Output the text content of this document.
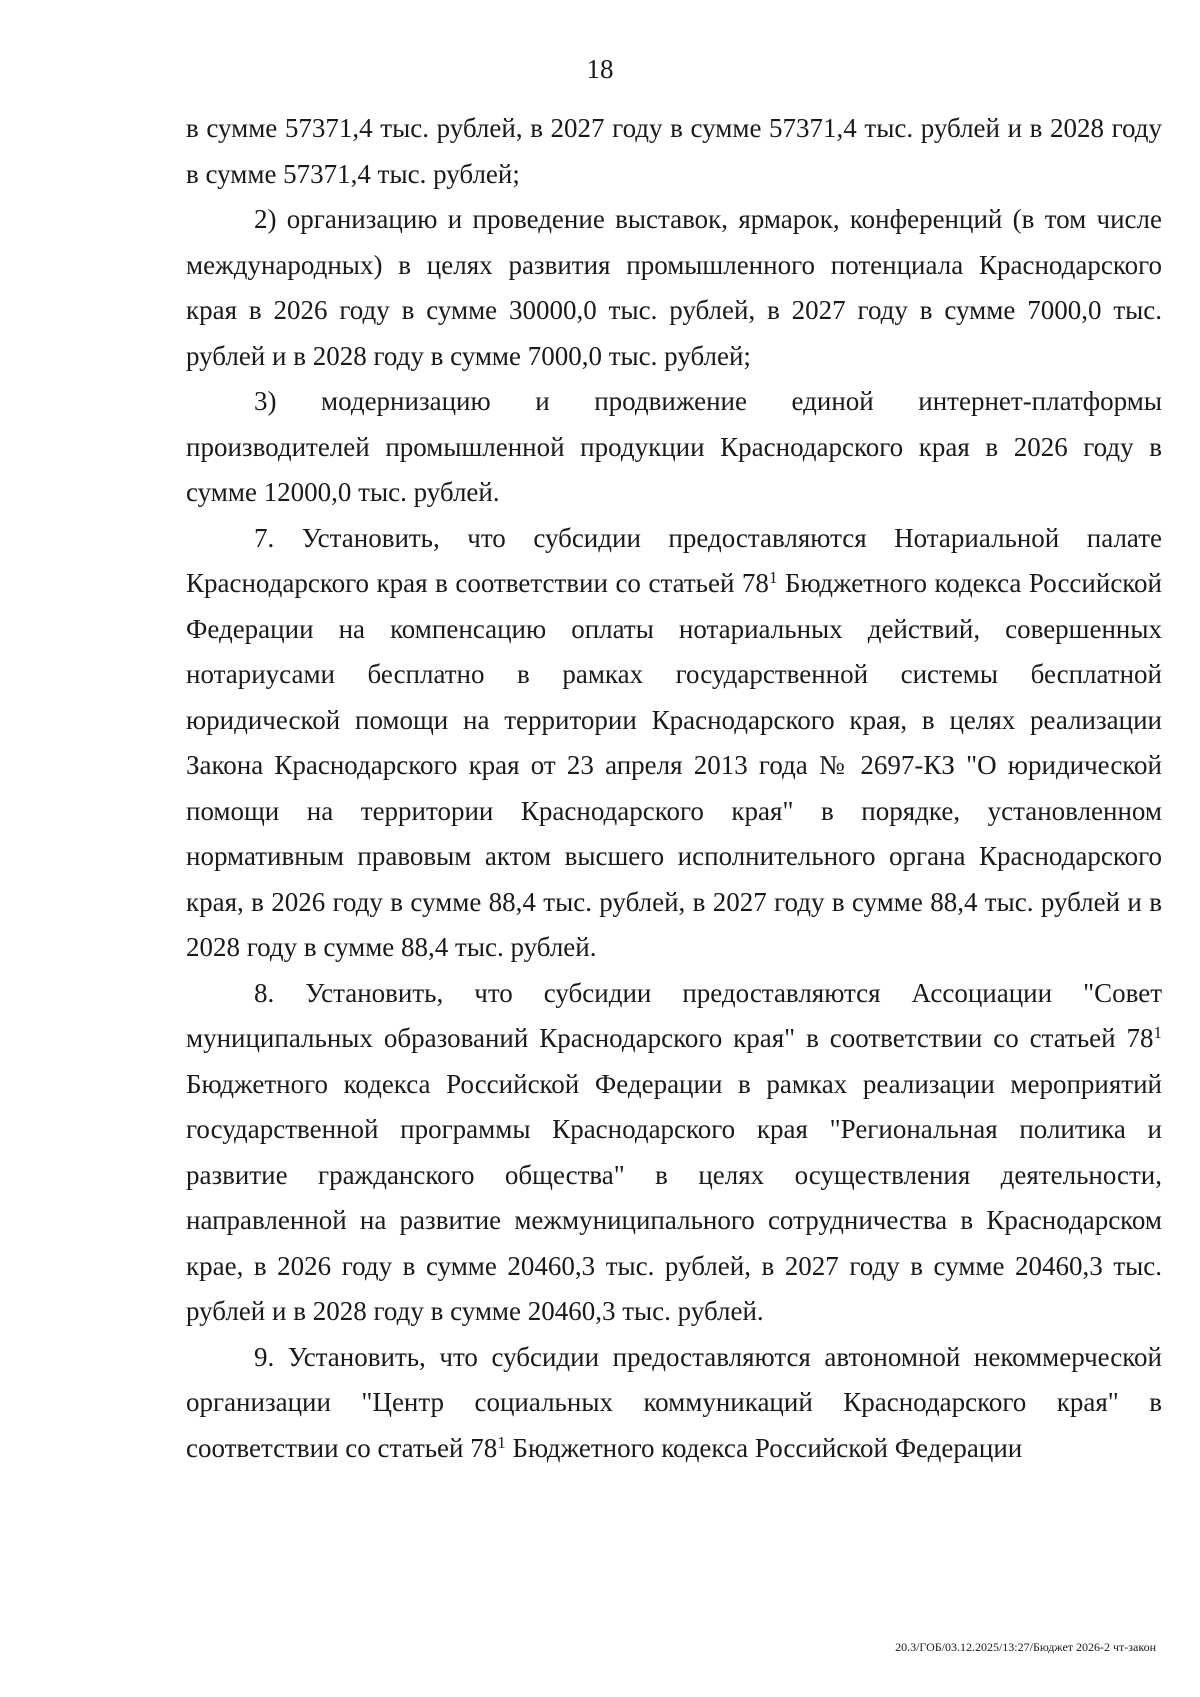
18

в сумме 57371,4 тыс. рублей, в 2027 году в сумме 57371,4 тыс. рублей и в 2028 году в сумме 57371,4 тыс. рублей;

2) организацию и проведение выставок, ярмарок, конференций (в том числе международных) в целях развития промышленного потенциала Краснодарского края в 2026 году в сумме 30000,0 тыс. рублей, в 2027 году в сумме 7000,0 тыс. рублей и в 2028 году в сумме 7000,0 тыс. рублей;

3) модернизацию и продвижение единой интернет-платформы производителей промышленной продукции Краснодарского края в 2026 году в сумме 12000,0 тыс. рублей.

7. Установить, что субсидии предоставляются Нотариальной палате Краснодарского края в соответствии со статьей $78^1$ Бюджетного кодекса Российской Федерации на компенсацию оплаты нотариальных действий, совершенных нотариусами бесплатно в рамках государственной системы бесплатной юридической помощи на территории Краснодарского края, в целях реализации Закона Краснодарского края от 23 апреля 2013 года № 2697-КЗ "О юридической помощи на территории Краснодарского края" в порядке, установленном нормативным правовым актом высшего исполнительного органа Краснодарского края, в 2026 году в сумме 88,4 тыс. рублей, в 2027 году в сумме 88,4 тыс. рублей и в 2028 году в сумме 88,4 тыс. рублей.

8. Установить, что субсидии предоставляются Ассоциации "Совет муниципальных образований Краснодарского края" в соответствии со статьей $78^1$ Бюджетного кодекса Российской Федерации в рамках реализации мероприятий государственной программы Краснодарского края "Региональная политика и развитие гражданского общества" в целях осуществления деятельности, направленной на развитие межмуниципального сотрудничества в Краснодарском крае, в 2026 году в сумме 20460,3 тыс. рублей, в 2027 году в сумме 20460,3 тыс. рублей и в 2028 году в сумме 20460,3 тыс. рублей.

9. Установить, что субсидии предоставляются автономной некоммерческой организации "Центр социальных коммуникаций Краснодарского края" в соответствии со статьей $78^1$ Бюджетного кодекса Российской Федерации

20.3/ГОБ/03.12.2025/13:27/Бюджет 2026-2 чт-закон
